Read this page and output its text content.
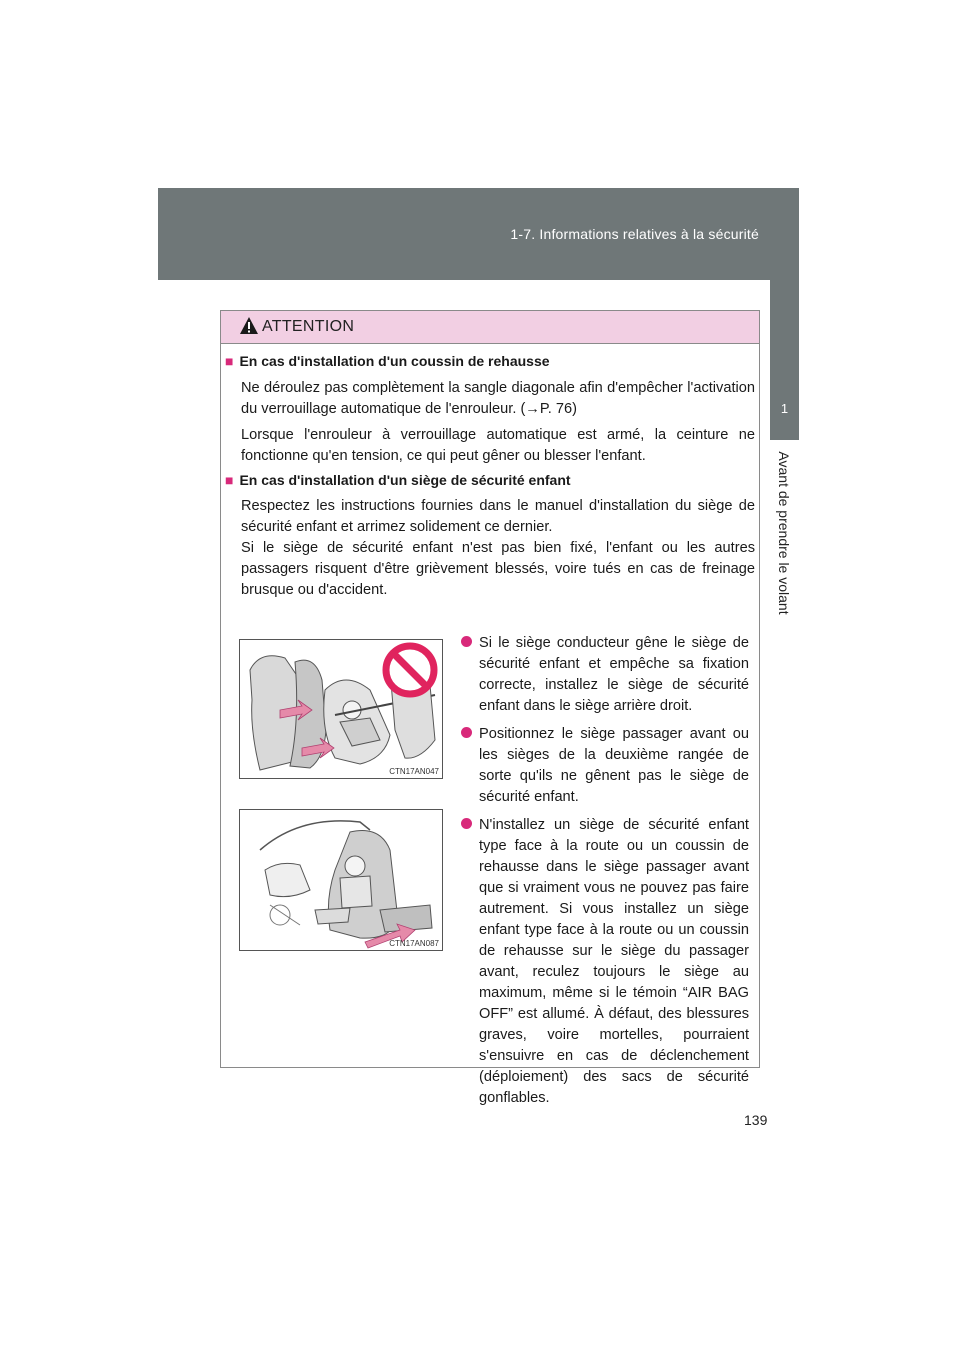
1-7. Informations relatives à la sécurité
1
Avant de prendre le volant
ATTENTION
■ En cas d'installation d'un coussin de rehausse

Ne déroulez pas complètement la sangle diagonale afin d'empêcher l'activation du verrouillage automatique de l'enrouleur. (→P. 76)

Lorsque l'enrouleur à verrouillage automatique est armé, la ceinture ne fonctionne qu'en tension, ce qui peut gêner ou blesser l'enfant.

■ En cas d'installation d'un siège de sécurité enfant

Respectez les instructions fournies dans le manuel d'installation du siège de sécurité enfant et arrimez solidement ce dernier.

Si le siège de sécurité enfant n'est pas bien fixé, l'enfant ou les autres passagers risquent d'être grièvement blessés, voire tués en cas de freinage brusque ou d'accident.

CTN17AN047
CTN17AN087
Si le siège conducteur gêne le siège de sécurité enfant et empêche sa fixation correcte, installez le siège de sécurité enfant dans le siège arrière droit.
Positionnez le siège passager avant ou les sièges de la deuxième rangée de sorte qu'ils ne gênent pas le siège de sécurité enfant.
N'installez un siège de sécurité enfant type face à la route ou un coussin de rehausse dans le siège passager avant que si vraiment vous ne pouvez pas faire autrement. Si vous installez un siège enfant type face à la route ou un coussin de rehausse sur le siège du passager avant, reculez toujours le siège au maximum, même si le témoin “AIR BAG OFF” est allumé. À défaut, des blessures graves, voire mortelles, pourraient s'ensuivre en cas de déclenchement (déploiement) des sacs de sécurité gonflables.
139
